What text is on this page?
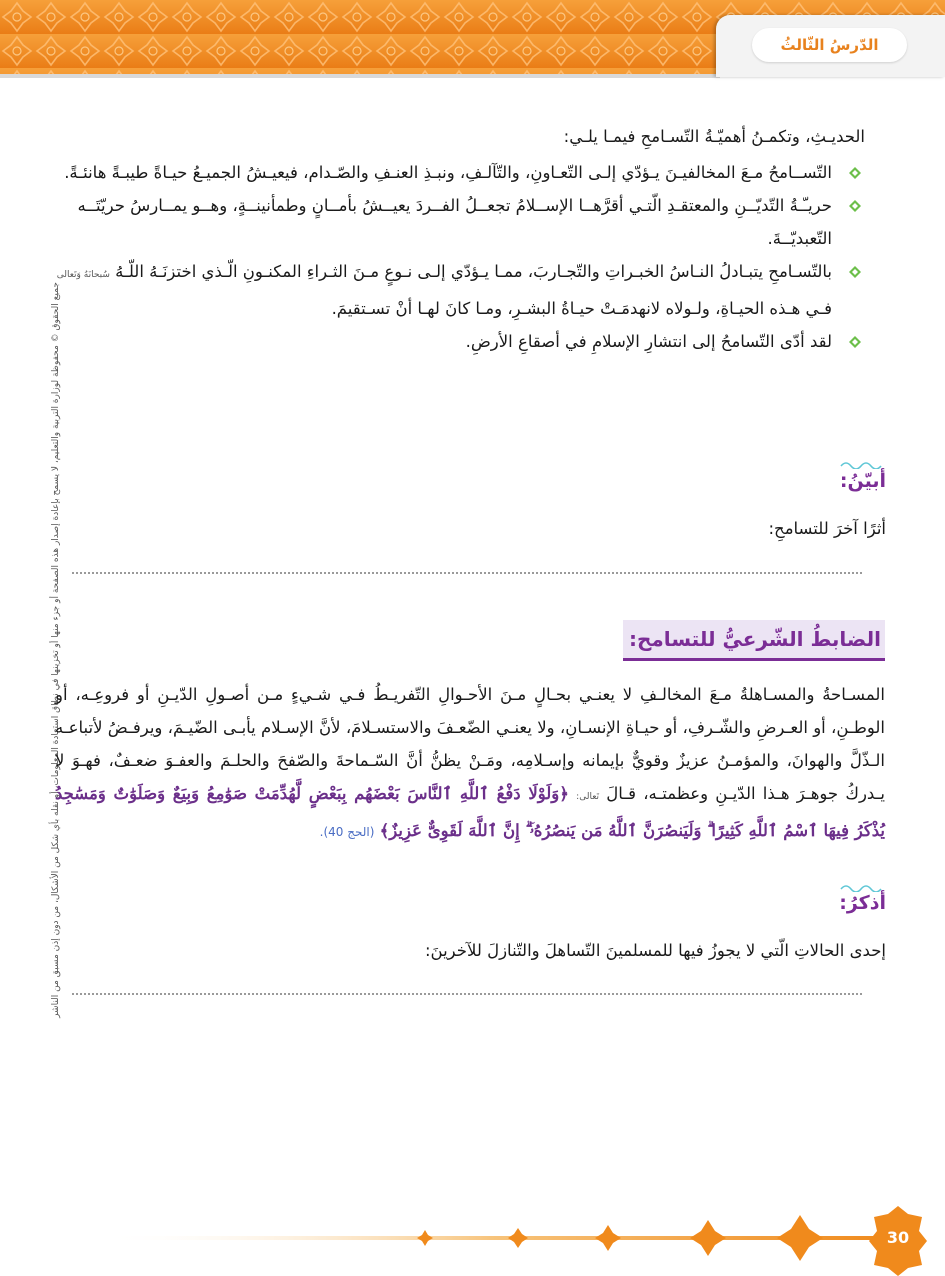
الدّرسُ الثّالثُ
جميع الحقوق © محفوظة لوزارة التربية والتعليم، لا يسمح بإعادة إصدار هذه الصفحة أو جزء منها أو تخزينها في نطاق استعادة المعلومات، أو نقله بأي شكل من الأشكال، من دون إذن مسبق من الناشر
الحديـثِ، وتكمـنُ أهميّـةُ التّسـامحِ فيمـا يلـي:
التّســامحُ مـعَ المخالفيـنَ يـؤدّي إلـى التّعـاونِ، والتّآلـفِ، ونبـذِ العنـفِ والصّـدام، فيعيـشُ الجميـعُ حيـاةً طيبـةً هانئـةً.
حريـّـةُ التّديّــنِ والمعتقـدِ الّتـي أقرَّهــا الإســلامُ تجعــلُ الفــردَ يعيــشُ بأمــانٍ وطمأنينــةٍ، وهــو يمــارسُ حريّتَــه التّعبديّــةَ.
بالتّسـامحِ يتبـادلُ النـاسُ الخبـراتِ والتّجـاربَ، ممـا يـؤدّي إلـى نـوعٍ مـنَ الثـراءِ المكنـونِ الّـذي اختزنَـهُ اللّـهُ سُبحانَهُ وَتَعالى فـي هـذه الحيـاةِ، ولـولاه لانهدمَـتْ حيـاةُ البشـرِ، ومـا كانَ لهـا أنْ تسـتقيمَ.
لقد أدّى التّسامحُ إلى انتشارِ الإسلامِ في أصقاعِ الأرضِ.
أبيّنُ:
أثرًا آخرَ للتسامحِ:
الضابطُ الشّرعيُّ للتسامح:
المسـاحةُ والمسـاهلةُ مـعَ المخالـفِ لا يعنـي بحـالٍ مـنَ الأحـوالِ التّفريـطُ فـي شـيءٍ مـن أصـولِ الدّيـنِ أو فروعِـه، أو الوطـنِ، أو العـرضِ والشّـرفِ، أو حيـاةِ الإنسـانِ، ولا يعنـي الضّعـفَ والاستسـلامَ، لأنَّ الإسـلام يأبـى الضّيـمَ، ويرفـضُ لأتباعـه الـذّلَّ والهوانَ، والمؤمـنُ عزيزٌ وقويٌّ بإيمانه وإسـلامِه، ومَـنْ يظنُّ أنَّ السّـماحةَ والصّفحَ والحلـمَ والعفـوَ ضعـفٌ، فهـوَ لا يـدركُ جوهـرَ هـذا الدّيـنِ وعظمتـه، قـالَ تَعالى: ﴿وَلَوْلَا دَفْعُ ٱللَّهِ ٱلنَّاسَ بَعْضَهُم بِبَعْضٍ لَّهُدِّمَتْ صَوَٰمِعُ وَبِيَعٌ وَصَلَوَٰتٌ وَمَسَٰجِدُ يُذْكَرُ فِيهَا ٱسْمُ ٱللَّهِ كَثِيرًا ۗ وَلَيَنصُرَنَّ ٱللَّهُ مَن يَنصُرُهُۥٓ ۗ إِنَّ ٱللَّهَ لَقَوِىٌّ عَزِيزٌ﴾ (الحج 40).
أذكرُ:
إحدى الحالاتِ الّتي لا يجوزُ فيها للمسلمينَ التّساهلَ والتّنازلَ للآخرينَ:
30
